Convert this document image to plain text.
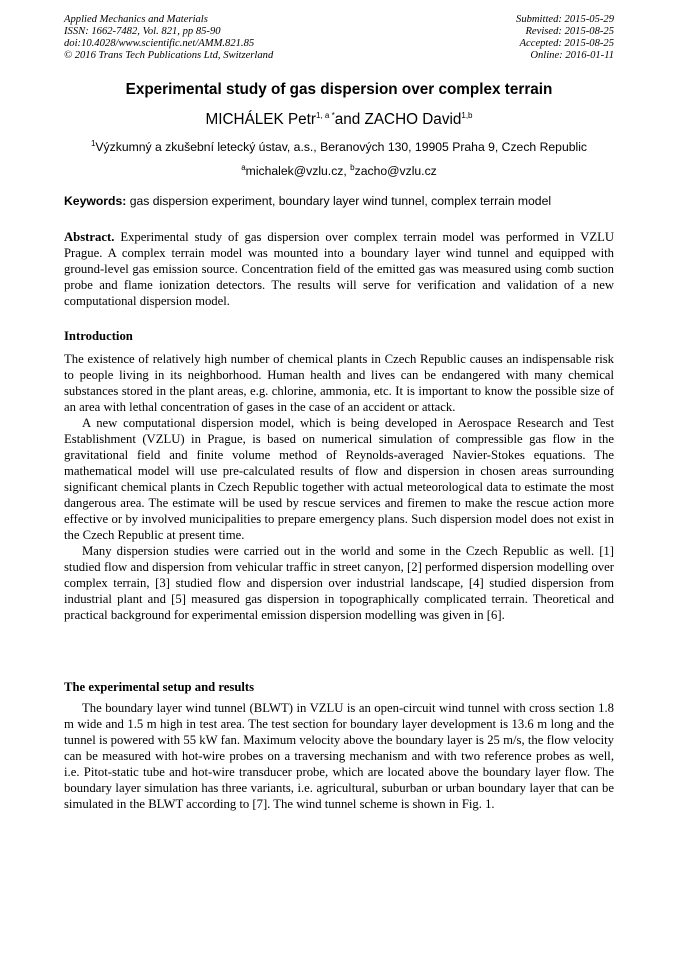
Applied Mechanics and Materials
ISSN: 1662-7482, Vol. 821, pp 85-90
doi:10.4028/www.scientific.net/AMM.821.85
© 2016 Trans Tech Publications Ltd, Switzerland
Submitted: 2015-05-29
Revised: 2015-08-25
Accepted: 2015-08-25
Online: 2016-01-11
Experimental study of gas dispersion over complex terrain
MICHÁLEK Petr$^{1, a *}$and ZACHO David$^{1,b}$
$^1$Výzkumný a zkušební letecký ústav, a.s., Beranových 130, 19905 Praha 9, Czech Republic
$^a$michalek@vzlu.cz, $^b$zacho@vzlu.cz
Keywords: gas dispersion experiment, boundary layer wind tunnel, complex terrain model

Abstract. Experimental study of gas dispersion over complex terrain model was performed in VZLU Prague. A complex terrain model was mounted into a boundary layer wind tunnel and equipped with ground-level gas emission source. Concentration field of the emitted gas was measured using comb suction probe and flame ionization detectors. The results will serve for verification and validation of a new computational dispersion model.

Introduction

The existence of relatively high number of chemical plants in Czech Republic causes an indispensable risk to people living in its neighborhood. Human health and lives can be endangered with many chemical substances stored in the plant areas, e.g. chlorine, ammonia, etc. It is important to know the possible size of an area with lethal concentration of gases in the case of an accident or attack.

A new computational dispersion model, which is being developed in Aerospace Research and Test Establishment (VZLU) in Prague, is based on numerical simulation of compressible gas flow in the gravitational field and finite volume method of Reynolds-averaged Navier-Stokes equations. The mathematical model will use pre-calculated results of flow and dispersion in chosen areas surrounding significant chemical plants in Czech Republic together with actual meteorological data to estimate the most dangerous area. The estimate will be used by rescue services and firemen to make the rescue action more effective or by involved municipalities to prepare emergency plans. Such dispersion model does not exist in the Czech Republic at present time.

Many dispersion studies were carried out in the world and some in the Czech Republic as well. [1] studied flow and dispersion from vehicular traffic in street canyon, [2] performed dispersion modelling over complex terrain, [3] studied flow and dispersion over industrial landscape, [4] studied dispersion from industrial plant and [5] measured gas dispersion in topographically complicated terrain. Theoretical and practical background for experimental emission dispersion modelling was given in [6].

The experimental setup and results

The boundary layer wind tunnel (BLWT) in VZLU is an open-circuit wind tunnel with cross section 1.8 m wide and 1.5 m high in test area. The test section for boundary layer development is 13.6 m long and the tunnel is powered with 55 kW fan. Maximum velocity above the boundary layer is 25 m/s, the flow velocity can be measured with hot-wire probes on a traversing mechanism and with two reference probes as well, i.e. Pitot-static tube and hot-wire transducer probe, which are located above the boundary layer flow. The boundary layer simulation has three variants, i.e. agricultural, suburban or urban boundary layer that can be simulated in the BLWT according to [7]. The wind tunnel scheme is shown in Fig. 1.
